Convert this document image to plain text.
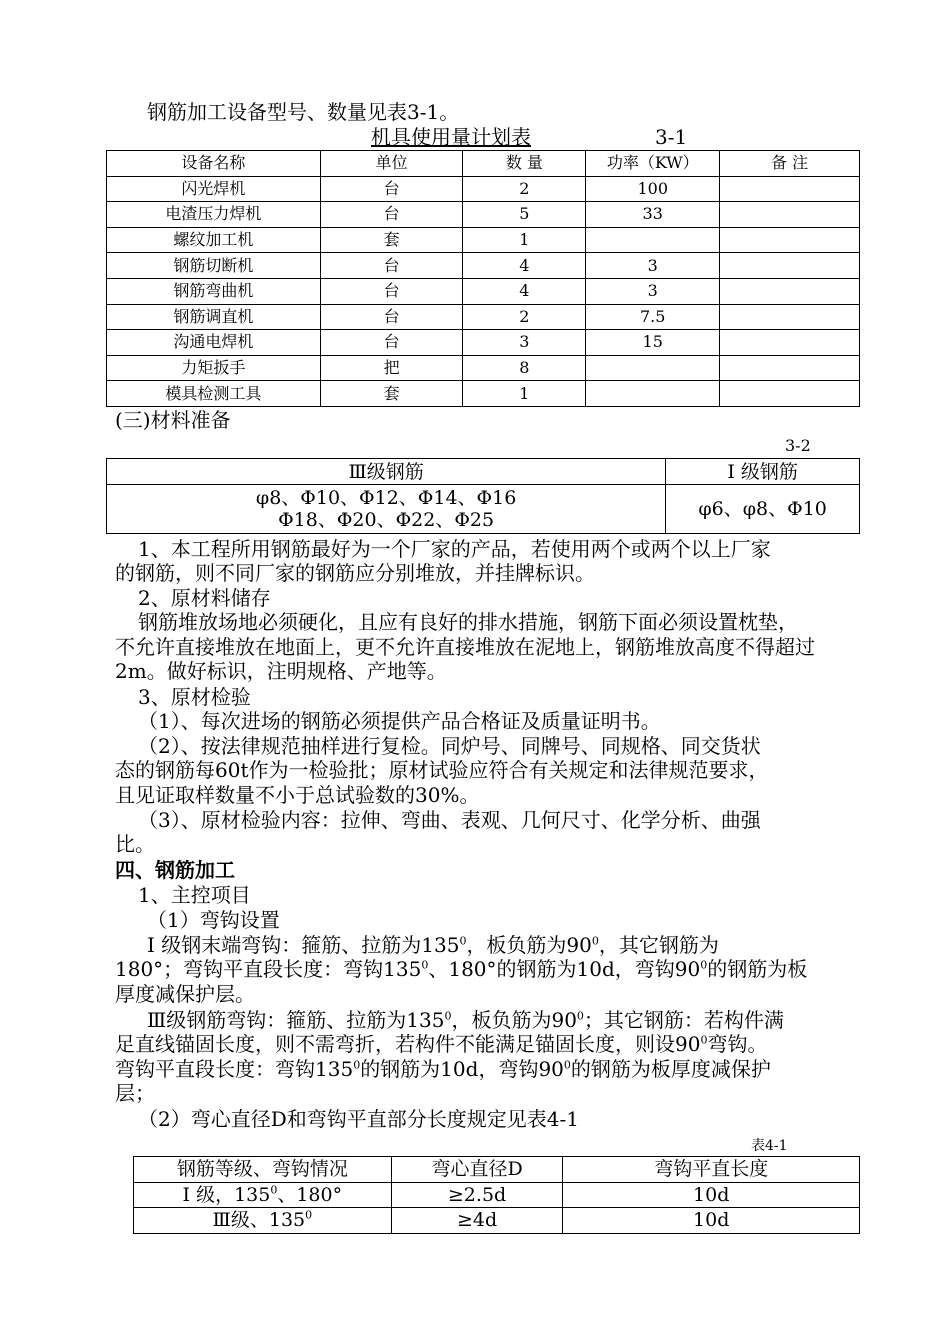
钢筋加工设备型号、数量见表3-1。
机具使用量计划表	3-1
设备名称	单位	数 量	功率（KW）	备 注
闪光焊机	台	2	100	
电渣压力焊机	台	5	33	
螺纹加工机	套	1		
钢筋切断机	台	4	3	
钢筋弯曲机	台	4	3	
钢筋调直机	台	2	7.5	
沟通电焊机	台	3	15	
力矩扳手	把	8		
模具检测工具	套	1		
(三)材料准备
3-2
Ⅲ级钢筋	Ⅰ 级钢筋

φ8、Φ10、Φ12、Φ14、Φ16
Φ18、Φ20、Φ22、Φ25	φ6、φ8、Φ10
1、本工程所用钢筋最好为一个厂家的产品，若使用两个或两个以上厂家
的钢筋，则不同厂家的钢筋应分别堆放，并挂牌标识。
2、原材料储存
钢筋堆放场地必须硬化，且应有良好的排水措施，钢筋下面必须设置枕垫，
不允许直接堆放在地面上，更不允许直接堆放在泥地上，钢筋堆放高度不得超过
2m。做好标识，注明规格、产地等。
3、原材检验
（1）、每次进场的钢筋必须提供产品合格证及质量证明书。
（2）、按法律规范抽样进行复检。同炉号、同牌号、同规格、同交货状
态的钢筋每60t作为一检验批；原材试验应符合有关规定和法律规范要求，
且见证取样数量不小于总试验数的30%。
（3）、原材检验内容：拉伸、弯曲、表观、几何尺寸、化学分析、曲强
比。
四、钢筋加工
1、主控项目
（1）弯钩设置
Ⅰ 级钢末端弯钩：箍筋、拉筋为$135^0$，板负筋为$90^0$，其它钢筋为
180°；弯钩平直段长度：弯钩$135^0$、180°的钢筋为10d，弯钩$90^0$的钢筋为板
厚度减保护层。
Ⅲ级钢筋弯钩：箍筋、拉筋为$135^0$，板负筋为$90^0$；其它钢筋：若构件满
足直线锚固长度，则不需弯折，若构件不能满足锚固长度，则设$90^0$弯钩。
弯钩平直段长度：弯钩$135^0$的钢筋为10d，弯钩$90^0$的钢筋为板厚度减保护
层；
（2）弯心直径D和弯钩平直部分长度规定见表4-1
表4-1
钢筋等级、弯钩情况	弯心直径D	弯钩平直长度
Ⅰ 级，$135^0$、180°	≥2.5d	10d
Ⅲ级、$135^0$	≥4d	10d
